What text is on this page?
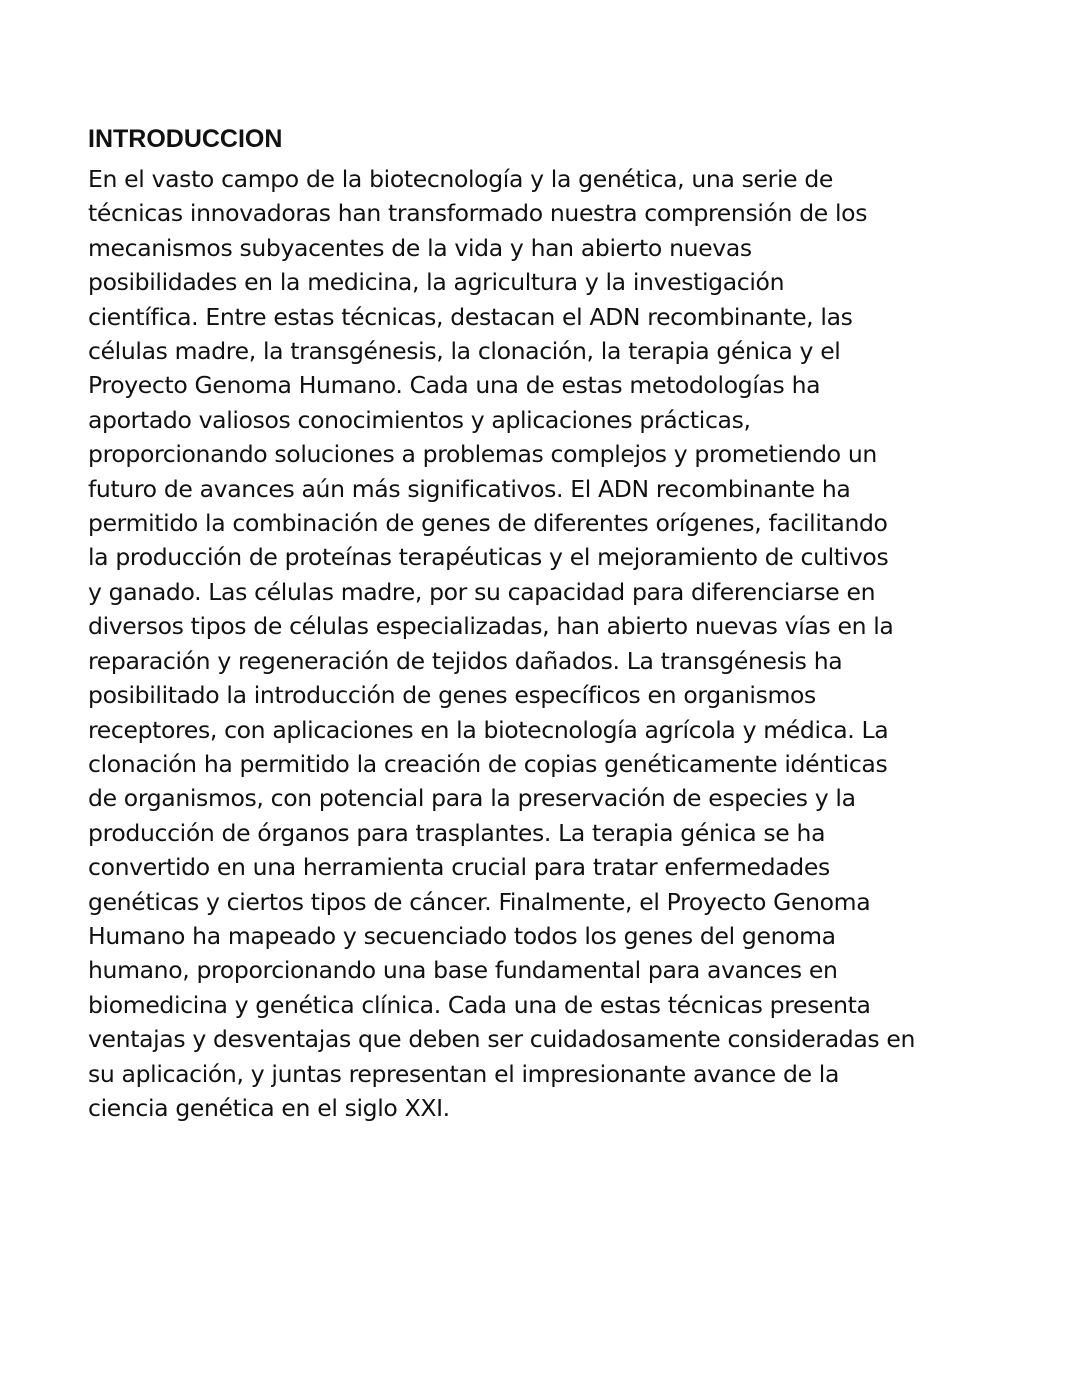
INTRODUCCION

En el vasto campo de la biotecnología y la genética, una serie de
técnicas innovadoras han transformado nuestra comprensión de los
mecanismos subyacentes de la vida y han abierto nuevas
posibilidades en la medicina, la agricultura y la investigación
científica. Entre estas técnicas, destacan el ADN recombinante, las
células madre, la transgénesis, la clonación, la terapia génica y el
Proyecto Genoma Humano. Cada una de estas metodologías ha
aportado valiosos conocimientos y aplicaciones prácticas,
proporcionando soluciones a problemas complejos y prometiendo un
futuro de avances aún más significativos. El ADN recombinante ha
permitido la combinación de genes de diferentes orígenes, facilitando
la producción de proteínas terapéuticas y el mejoramiento de cultivos
y ganado. Las células madre, por su capacidad para diferenciarse en
diversos tipos de células especializadas, han abierto nuevas vías en la
reparación y regeneración de tejidos dañados. La transgénesis ha
posibilitado la introducción de genes específicos en organismos
receptores, con aplicaciones en la biotecnología agrícola y médica. La
clonación ha permitido la creación de copias genéticamente idénticas
de organismos, con potencial para la preservación de especies y la
producción de órganos para trasplantes. La terapia génica se ha
convertido en una herramienta crucial para tratar enfermedades
genéticas y ciertos tipos de cáncer. Finalmente, el Proyecto Genoma
Humano ha mapeado y secuenciado todos los genes del genoma
humano, proporcionando una base fundamental para avances en
biomedicina y genética clínica. Cada una de estas técnicas presenta
ventajas y desventajas que deben ser cuidadosamente consideradas en
su aplicación, y juntas representan el impresionante avance de la
ciencia genética en el siglo XXI.
